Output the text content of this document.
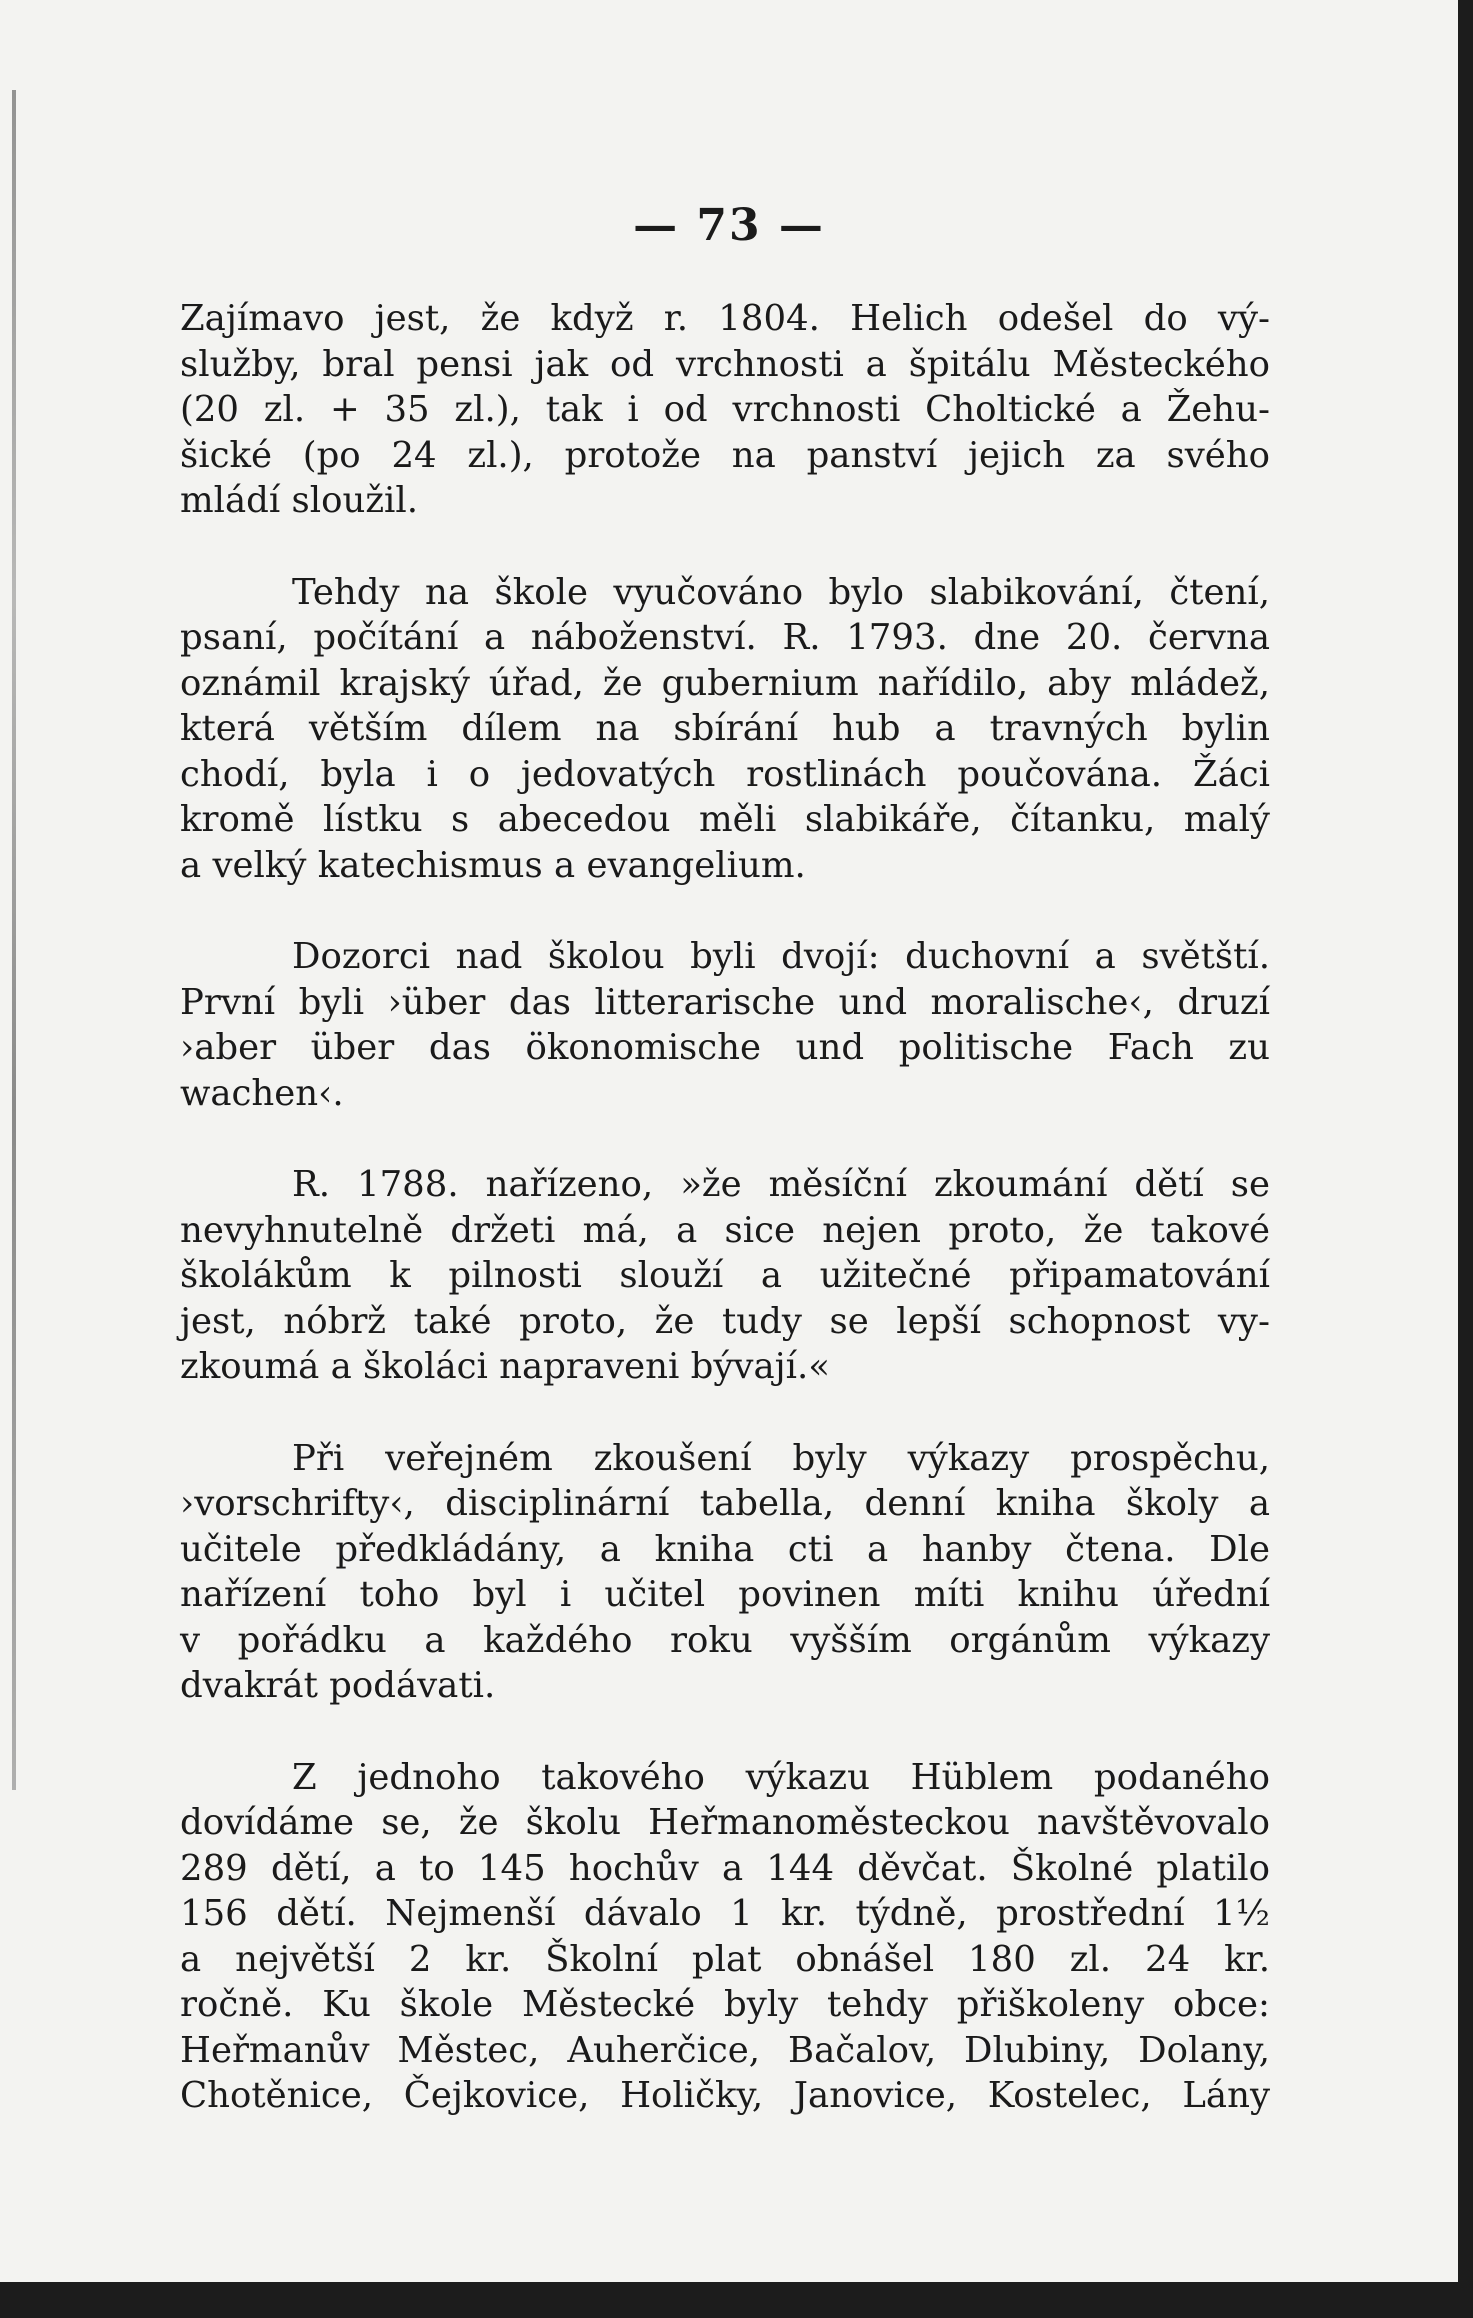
— 73 —
Zajímavo jest, že když r. 1804. Helich odešel do vý-
služby, bral pensi jak od vrchnosti a špitálu Městeckého
(20 zl. + 35 zl.), tak i od vrchnosti Choltické a Žehu-
šické (po 24 zl.), protože na panství jejich za svého
mládí sloužil.
Tehdy na škole vyučováno bylo slabikování, čtení,
psaní, počítání a náboženství. R. 1793. dne 20. června
oznámil krajský úřad, že gubernium nařídilo, aby mládež,
která větším dílem na sbírání hub a travných bylin
chodí, byla i o jedovatých rostlinách poučována. Žáci
kromě lístku s abecedou měli slabikáře, čítanku, malý
a velký katechismus a evangelium.
Dozorci nad školou byli dvojí: duchovní a světští.
První byli ›über das litterarische und moralische‹, druzí
›aber über das ökonomische und politische Fach zu
wachen‹.
R. 1788. nařízeno, »že měsíční zkoumání dětí se
nevyhnutelně držeti má, a sice nejen proto, že takové
školákům k pilnosti slouží a užitečné připamatování
jest, nóbrž také proto, že tudy se lepší schopnost vy-
zkoumá a školáci napraveni bývají.«
Při veřejném zkoušení byly výkazy prospěchu,
›vorschrifty‹, disciplinární tabella, denní kniha školy a
učitele předkládány, a kniha cti a hanby čtena. Dle
nařízení toho byl i učitel povinen míti knihu úřední
v pořádku a každého roku vyšším orgánům výkazy
dvakrát podávati.
Z jednoho takového výkazu Hüblem podaného
dovídáme se, že školu Heřmanoměsteckou navštěvovalo
289 dětí, a to 145 hochův a 144 děvčat. Školné platilo
156 dětí. Nejmenší dávalo 1 kr. týdně, prostřední 1½
a největší 2 kr. Školní plat obnášel 180 zl. 24 kr.
ročně. Ku škole Městecké byly tehdy přiškoleny obce:
Heřmanův Městec, Auherčice, Bačalov, Dlubiny, Dolany,
Chotěnice, Čejkovice, Holičky, Janovice, Kostelec, Lány
